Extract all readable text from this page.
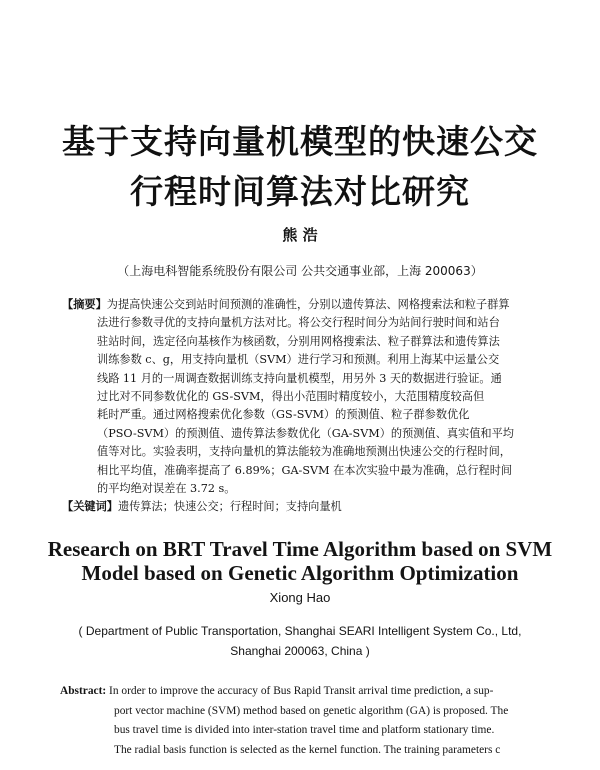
基于支持向量机模型的快速公交
行程时间算法对比研究
熊 浩
（上海电科智能系统股份有限公司 公共交通事业部，上海 200063）
【摘要】为提高快速公交到站时间预测的准确性，分别以遗传算法、网格搜索法和粒子群算
法进行参数寻优的支持向量机方法对比。将公交行程时间分为站间行驶时间和站台
驻站时间，选定径向基核作为核函数，分别用网格搜索法、粒子群算法和遗传算法
训练参数 c、g，用支持向量机（SVM）进行学习和预测。利用上海某中运量公交
线路 11 月的一周调查数据训练支持向量机模型，用另外 3 天的数据进行验证。通
过比对不同参数优化的 GS-SVM，得出小范围时精度较小，大范围精度较高但
耗时严重。通过网格搜索优化参数（GS-SVM）的预测值、粒子群参数优化
（PSO-SVM）的预测值、遗传算法参数优化（GA-SVM）的预测值、真实值和平均
值等对比。实验表明，支持向量机的算法能较为准确地预测出快速公交的行程时间，
相比平均值，准确率提高了 6.89%；GA-SVM 在本次实验中最为准确，总行程时间
的平均绝对误差在 3.72 s。
【关键词】遗传算法；快速公交；行程时间；支持向量机
Research on BRT Travel Time Algorithm based on SVM
Model based on Genetic Algorithm Optimization
Xiong Hao
( Department of Public Transportation, Shanghai SEARI Intelligent System Co., Ltd,
Shanghai 200063, China )
Abstract: In order to improve the accuracy of Bus Rapid Transit arrival time prediction, a sup-
port vector machine (SVM) method based on genetic algorithm (GA) is proposed. The
bus travel time is divided into inter-station travel time and platform stationary time.
The radial basis function is selected as the kernel function. The training parameters c
